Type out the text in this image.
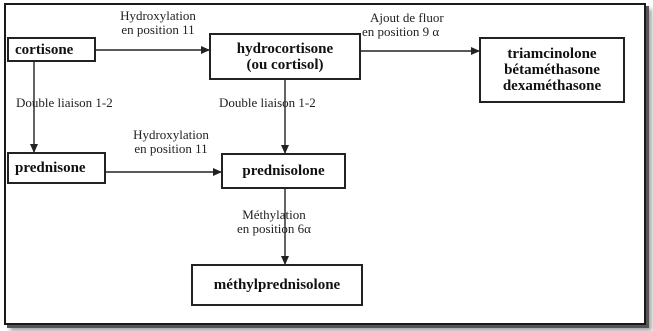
cortisone	hydrocortisone
(ou cortisol)
triamcinolone
bétaméthasone
dexaméthasone
prednisone	prednisolone
méthylprednisolone
Hydroxylation
en position 11
Ajout de fluor
en position 9 α
Double liaison 1-2	Double liaison 1-2
Hydroxylation
en position 11
Méthylation
en position 6α
